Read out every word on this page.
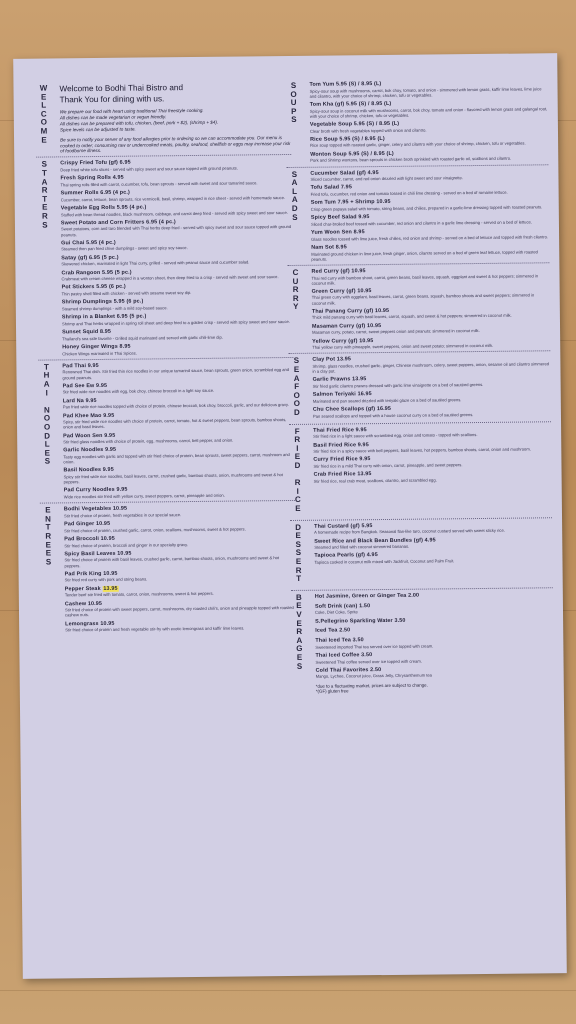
W
E
L
C
O
M
E
Welcome to Bodhi Thai Bistro and
Thank You for dining with us.
We prepare our food with heart using traditional Thai freestyle cooking.
All dishes can be made vegetarian or vegan friendly.
All dishes can be prepared with tofu, chicken, (beef, pork + $2), (shrimp + $4).
Spice levels can be adjusted to taste.
Be sure to notify your server of any food allergies prior to ordering so we can accommodate you. Our menu is cooked to order; consuming raw or undercooked meats, poultry, seafood, shellfish or eggs may increase your risk of foodborne illness.
S
T
A
R
T
E
R
S
Crispy Fried Tofu (gf) 6.95
Deep fried white tofu slices - served with spicy sweet and sour sauce topped with ground peanuts.
Fresh Spring Rolls 4.95
Thai spring rolls filled with carrot, cucumber, tofu, bean sprouts - served with sweet and sour tamarind sauce.
Summer Rolls 6.95 (4 pc.)
Cucumber, carrot, lettuce, bean sprouts, rice vermicelli, basil, shrimp, wrapped in rice sheet - served with homemade sauce.
Vegetable Egg Rolls 5.95 (4 pc.)
Stuffed with bean thread noodles, black mushroom, cabbage, and carrot deep fried - served with spicy sweet and sour sauce.
Sweet Potato and Corn Fritters 6.95 (4 pc.)
Sweet potatoes, corn and taro blended with Thai herbs deep fried - served with spicy sweet and sour sauce topped with ground peanuts.
Gui Chai 5.95 (4 pc.)
Steamed then pan fried chive dumplings - sweet and spicy soy sauce.
Satay (gf) 6.95 (5 pc.)
Skewered chicken, marinated in light Thai curry, grilled - served with peanut sauce and cucumber salad.
Crab Rangoon 5.95 (5 pc.)
Crabmeat with cream cheese wrapped in a wonton sheet, then deep fried to a crisp - served with sweet and sour sauce.
Pot Stickers 5.95 (6 pc.)
Thin pastry shell filled with chicken - served with sesame sweet soy dip.
Shrimp Dumplings 5.95 (6 pc.)
Steamed shrimp dumplings - with a mild soy-based sauce.
Shrimp in a Blanket 6.95 (5 pc.)
Shrimp and Thai herbs wrapped in spring roll sheet and deep fried to a golden crisp - served with spicy sweet and sour sauce.
Sunset Squid 8.95
Thailand's sea side favorite - Grilled squid marinated and served with garlic chili-lime dip.
Honey Ginger Wings 8.95
Chicken Wings marinated in Thai Spices.
T
H
A
I

N
O
O
D
L
E
S
Pad Thai 9.95
Renowned Thai dish. Stir fried thin rice noodles in our unique tamarind sauce, bean sprouts, green onion, scrambled egg and ground peanuts.
Pad See Ew 9.95
Stir fried wide rice noodles with egg, bok choy, chinese broccoli in a light soy sauce.
Lard Na 9.95
Pan fried wide rice noodles topped with choice of protein, chinese broccoli, bok choy, broccoli, garlic, and our delicious gravy.
Pad Khee Mao 9.95
Spicy, stir fried wide rice noodles with choice of protein, carrot, tomato, hot & sweet peppers, bean sprouts, bamboo shoots, onion and basil leaves.
Pad Woon Sen 9.95
Stir fried glass noodles with choice of protein, egg, mushrooms, carrot, bell pepper, and onion.
Garlic Noodles 9.95
Tasty egg noodles with garlic and topped with stir fried choice of protein, bean sprouts, sweet peppers, carrot, mushroom and onion.
Basil Noodles 9.95
Spicy stir fried wide rice noodles, basil leaves, carrot, crushed garlic, bamboo shoots, onion, mushrooms and sweet & hot peppers.
Pad Curry Noodles 9.95
Wide rice noodles stir fried with yellow curry, sweet peppers, carrot, pineapple and onion.
E
N
T
R
E
E
S
Bodhi Vegetables 10.95
Stir fried choice of protein, fresh vegetables in our special sauce.
Pad Ginger 10.95
Stir fried choice of protein, crushed garlic, carrot, onion, scallions, mushrooms, sweet & hot peppers.
Pad Broccoli 10.95
Stir fried choice of protein, broccoli and ginger in our specialty gravy.
Spicy Basil Leaves 10.95
Stir fried choice of protein with basil leaves, crushed garlic, carrot, bamboo shoots, onion, mushrooms and sweet & hot peppers.
Pad Prik King 10.95
Stir fried red curry with pork and string beans.
Pepper Steak 13.95
Tender beef stir fried with tomato, carrot, onion, mushrooms, sweet & hot peppers.
Cashew 10.95
Stir fried choice of protein with sweet peppers, carrot, mushrooms, dry roasted chili's, onion and pineapple topped with roasted cashew nuts.
Lemongrass 10.95
Stir fried choice of protein and fresh vegetable stir-fry with exotic lemongrass and kaffir lime leaves.
S
O
U
P
S
Tom Yum 5.95 (S) / 8.95 (L)
Spicy-sour soup with mushrooms, carrot, bok choy, tomato, and onion - simmered with lemon grass, kaffir lime leaves, lime juice and cilantro, with your choice of shrimp, chicken, tofu or vegetables.
Tom Kha (gf) 5.95 (S) / 8.95 (L)
Spicy-sour soup in coconut milk with mushrooms, carrot, bok choy, tomato and onion - flavored with lemon grass and galangal root, with your choice of shrimp, chicken, tofu or vegetables.
Vegetable Soup 5.95 (S) / 8.95 (L)
Clear broth with fresh vegetables topped with onion and cilantro.
Rice Soup 5.95 (S) / 8.95 (L)
Rice soup topped with roasted garlic, ginger, celery and cilantro with your choice of shrimp, chicken, tofu or vegetables.
Wonton Soup 5.95 (S) / 8.95 (L)
Pork and Shrimp wontons, bean sprouts in chicken broth sprinkled with roasted garlic oil, scallions and cilantro.
S
A
L
A
D
S
Cucumber Salad (gf) 4.95
Sliced cucumber, carrot, and red onion drizzled with light sweet and sour vinaigrette.
Tofu Salad 7.95
Fried tofu, cucumber, red onion and tomato tossed in chili lime dressing - served on a bed of romaine lettuce.
Som Tum 7.95 + Shrimp 10.95
Crisp green papaya salad with tomato, string beans, and chilies, prepared in a garlic-lime dressing topped with roasted peanuts.
Spicy Beef Salad 9.95
Sliced char-broiled beef tossed with cucumber, red onion and cilantro in a garlic lime dressing - served on a bed of lettuce.
Yum Woon Sen 8.95
Glass noodles tossed with lime juice, fresh chilies, red onion and shrimp - served on a bed of lettuce and topped with fresh cilantro.
Nam Sot 8.95
Marinated ground chicken in lime juice, fresh ginger, onion, cilantro served on a bed of green leaf lettuce, topped with roasted peanuts.
C
U
R
R
Y
Red Curry (gf) 10.95
Thai red curry with bamboo shoot, carrot, green beans, basil leaves, squash, eggplant and sweet & hot peppers; simmered in coconut milk.
Green Curry (gf) 10.95
Thai green curry with eggplant, basil leaves, carrot, green beans, squash, bamboo shoots and sweet peppers; simmered in coconut milk.
Thai Panang Curry (gf) 10.95
Thick mild panang curry with basil leaves, carrot, squash, and sweet & hot peppers; simmered in coconut milk.
Masaman Curry (gf) 10.95
Masaman curry, potato, carrot, sweet peppers onion and peanuts; simmered in coconut milk.
Yellow Curry (gf) 10.95
Thai yellow curry with pineapple, sweet peppers, onion and sweet potato; simmered in coconut milk.
S
E
A
F
O
O
D
Clay Pot 13.95
Shrimp, glass noodles, crushed garlic, ginger, Chinese mushroom, celery, sweet peppers, onion, sesame oil and cilantro simmered in a clay pot.
Garlic Prawns 13.95
Stir fried garlic cilantro prawns dressed with garlic lime vinaigrette on a bed of sautéed greens.
Salmon Teriyaki 16.95
Marinated and pan seared drizzled with teriyaki glaze on a bed of sautéed greens.
Chu Chee Scallops (gf) 16.95
Pan seared scallops and topped with a house coconut curry on a bed of sautéed greens.
F
R
I
E
D

R
I
C
E
Thai Fried Rice 9.95
Stir fried rice in a light sauce with scrambled egg, onion and tomato - topped with scallions.
Basil Fried Rice 9.95
Stir fried rice in a spicy sauce with bell peppers, basil leaves, hot peppers, bamboo shoots, carrot, onion and mushroom.
Curry Fried Rice 9.95
Stir fried rice in a mild Thai curry with onion, carrot, pineapple, and sweet peppers.
Crab Fried Rice 13.95
Stir fried rice, real crab meat, scallions, cilantro, and scrambled egg.
D
E
S
S
E
R
T
Thai Custard (gf) 5.95
A homemade recipe from Bangkok. Seasonal flan-like taro, coconut custard served with sweet sticky rice.
Sweet Rice and Black Bean Bundles (gf) 4.95
Steamed and filled with coconut simmered bananas.
Tapioca Pearls (gf) 4.95
Tapioca cooked in coconut milk mixed with Jackfruit, Coconut and Palm Fruit.
B
E
V
E
R
A
G
E
S
Hot Jasmine, Green or Ginger Tea 2.00
Soft Drink (can) 1.50
Coke, Diet Coke, Sprite
S.Pellegrino Sparkling Water 3.50
Iced Tea 2.50
Thai Iced Tea 3.50
Sweetened imported Thai tea served over ice topped with cream.
Thai Iced Coffee 3.50
Sweetened Thai coffee served over ice topped with cream.
Cold Thai Favorites 2.50
Mango, Lychee, Coconut juice, Grass Jelly, Chrysanthemum tea
*due to a fluctuating market, prices are subject to change.
*(GF) gluten free
